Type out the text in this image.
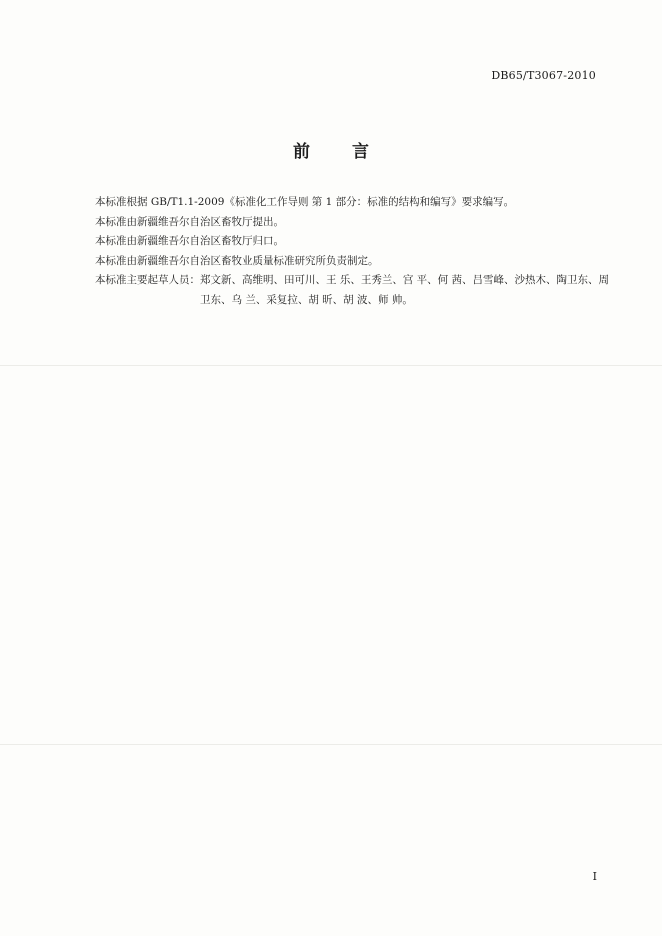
DB65/T3067-2010
前言
本标准根据 GB/T1.1-2009《标准化工作导则 第 1 部分：标准的结构和编写》要求编写。
本标准由新疆维吾尔自治区畜牧厅提出。
本标准由新疆维吾尔自治区畜牧厅归口。
本标准由新疆维吾尔自治区畜牧业质量标准研究所负责制定。
本标准主要起草人员： 郑文新、高维明、田可川、王 乐、王秀兰、宫 平、何 茜、吕雪峰、沙热木、陶卫东、周卫东、乌 兰、采复拉、胡 昕、胡 波、师 帅。
I
